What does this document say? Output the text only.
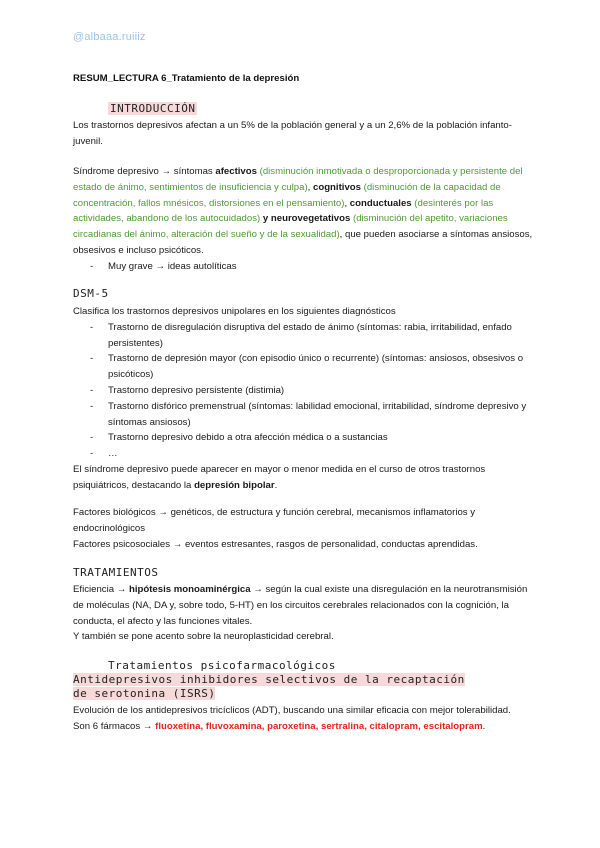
@albaaa.ruiiiz
RESUM_LECTURA 6_Tratamiento de la depresión
INTRODUCCIÓN
Los trastornos depresivos afectan a un 5% de la población general y a un 2,6% de la población infanto-juvenil.
Síndrome depresivo → síntomas afectivos (disminución inmotivada o desproporcionada y persistente del estado de ánimo, sentimientos de insuficiencia y culpa), cognitivos (disminución de la capacidad de concentración, fallos mnésicos, distorsiones en el pensamiento), conductuales (desinterés por las actividades, abandono de los autocuidados) y neurovegetativos (disminución del apetito, variaciones circadianas del ánimo, alteración del sueño y de la sexualidad), que pueden asociarse a síntomas ansiosos, obsesivos e incluso psicóticos.
- Muy grave → ideas autolíticas
DSM-5
Clasifica los trastornos depresivos unipolares en los siguientes diagnósticos
- Trastorno de disregulación disruptiva del estado de ánimo (síntomas: rabia, irritabilidad, enfado persistentes)
- Trastorno de depresión mayor (con episodio único o recurrente) (síntomas: ansiosos, obsesivos o psicóticos)
- Trastorno depresivo persistente (distimia)
- Trastorno disfórico premenstrual (síntomas: labilidad emocional, irritabilidad, síndrome depresivo y síntomas ansiosos)
- Trastorno depresivo debido a otra afección médica o a sustancias
- …
El síndrome depresivo puede aparecer en mayor o menor medida en el curso de otros trastornos psiquiátricos, destacando la depresión bipolar.
Factores biológicos → genéticos, de estructura y función cerebral, mecanismos inflamatorios y endocrinológicos
Factores psicosociales → eventos estresantes, rasgos de personalidad, conductas aprendidas.
TRATAMIENTOS
Eficiencia → hipótesis monoaminérgica → según la cual existe una disregulación en la neurotransmisión de moléculas (NA, DA y, sobre todo, 5-HT) en los circuitos cerebrales relacionados con la cognición, la conducta, el afecto y las funciones vitales.
Y también se pone acento sobre la neuroplasticidad cerebral.
Tratamientos psicofarmacológicos
Antidepresivos inhibidores selectivos de la recaptación de serotonina (ISRS)
Evolución de los antidepresivos tricíclicos (ADT), buscando una similar eficacia con mejor tolerabilidad.
Son 6 fármacos → fluoxetina, fluvoxamina, paroxetina, sertralina, citalopram, escitalopram.
